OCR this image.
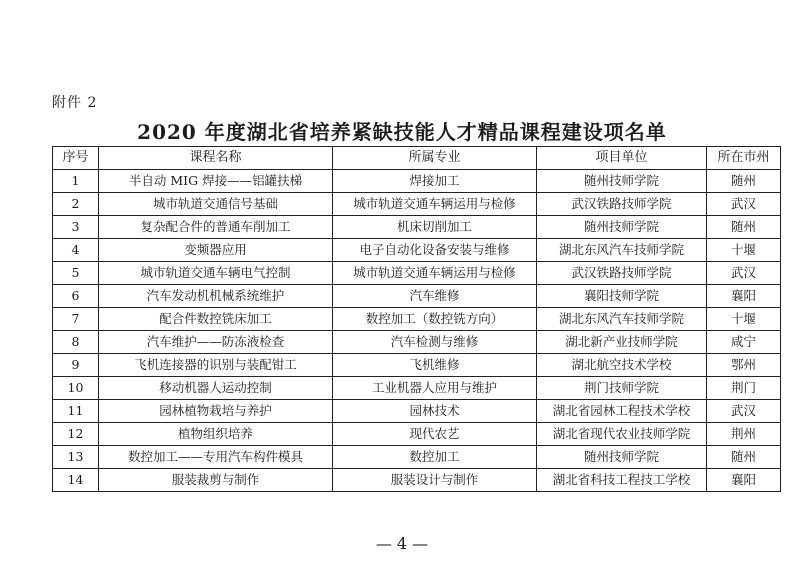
附件 2
2020 年度湖北省培养紧缺技能人才精品课程建设项名单
序号	课程名称	所属专业	项目单位	所在市州
1	半自动 MIG 焊接——铝罐扶梯	焊接加工	随州技师学院	随州
2	城市轨道交通信号基础	城市轨道交通车辆运用与检修	武汉铁路技师学院	武汉
3	复杂配合件的普通车削加工	机床切削加工	随州技师学院	随州
4	变频器应用	电子自动化设备安装与维修	湖北东风汽车技师学院	十堰
5	城市轨道交通车辆电气控制	城市轨道交通车辆运用与检修	武汉铁路技师学院	武汉
6	汽车发动机机械系统维护	汽车维修	襄阳技师学院	襄阳
7	配合件数控铣床加工	数控加工（数控铣方向）	湖北东风汽车技师学院	十堰
8	汽车维护——防冻液检查	汽车检测与维修	湖北新产业技师学院	咸宁
9	飞机连接器的识别与装配钳工	飞机维修	湖北航空技术学校	鄂州
10	移动机器人运动控制	工业机器人应用与维护	荆门技师学院	荆门
11	园林植物栽培与养护	园林技术	湖北省园林工程技术学校	武汉
12	植物组织培养	现代农艺	湖北省现代农业技师学院	荆州
13	数控加工——专用汽车构件模具	数控加工	随州技师学院	随州
14	服装裁剪与制作	服装设计与制作	湖北省科技工程技工学校	襄阳
— 4 —
